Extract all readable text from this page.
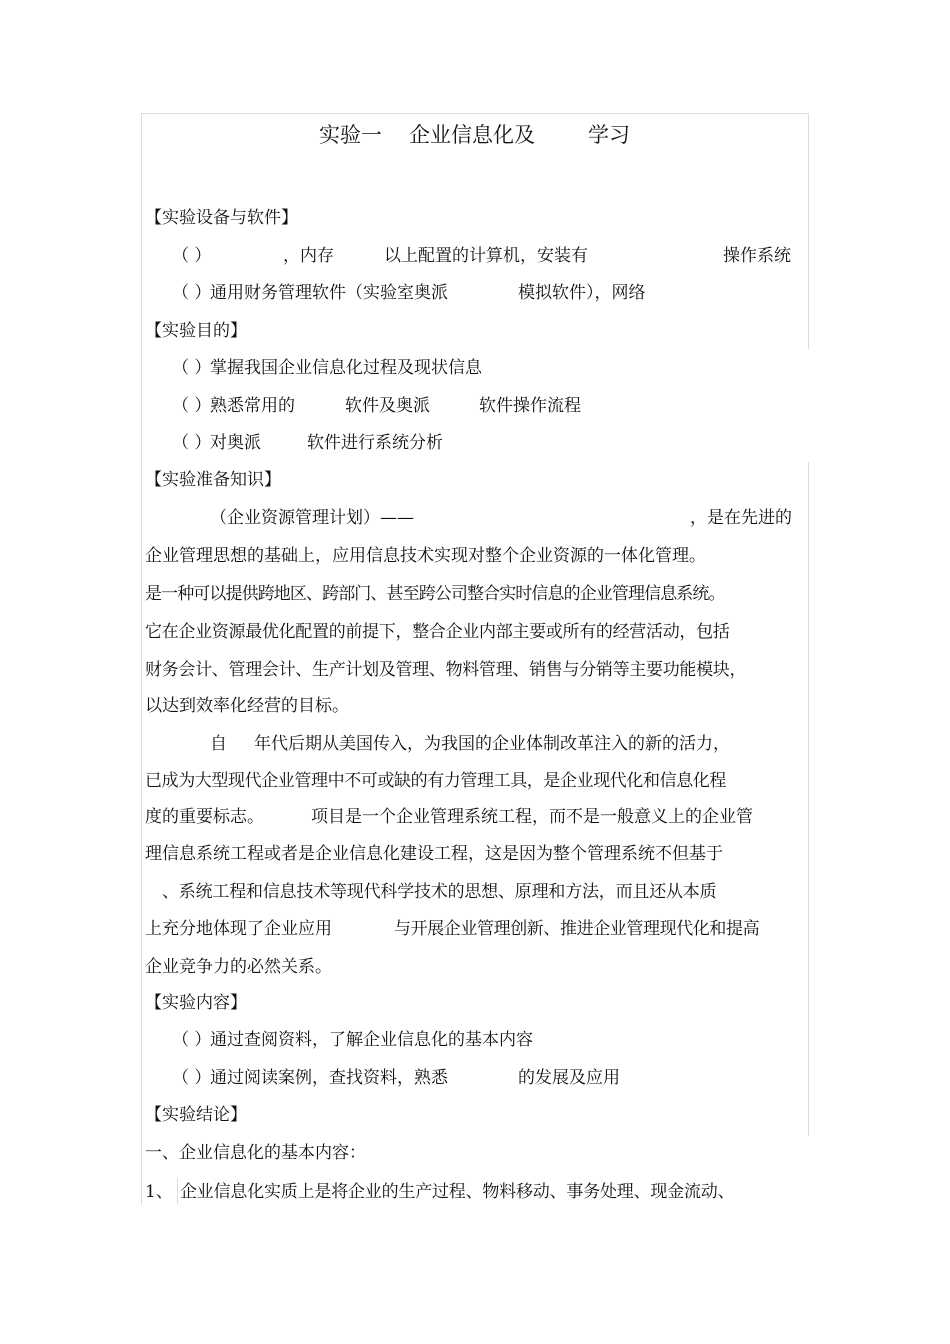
实验一 企业信息化及	学习
【实验设备与软件】
（ ）	，内存	以上配置的计算机，安装有	操作系统
（ ）
通用财务管理软件（实验室奥派	模拟软件），网络
【实验目的】
（ ）
掌握我国企业信息化过程及现状信息
（ ）
熟悉常用的	软件及奥派	软件操作流程
（ ）
对奥派	软件进行系统分析
【实验准备知识】
（企业资源管理计划）——	，是在先进的
企业管理思想的基础上，应用信息技术实现对整个企业资源的一体化管理。
是一种可以提供跨地区、跨部门、甚至跨公司整合实时信息的企业管理信息系统。
它在企业资源最优化配置的前提下，整合企业内部主要或所有的经营活动，包括
财务会计、管理会计、生产计划及管理、物料管理、销售与分销等主要功能模块，
以达到效率化经营的目标。
自 年代后期从美国传入，为我国的企业体制改革注入的新的活力，
已成为大型现代企业管理中不可或缺的有力管理工具，是企业现代化和信息化程
度的重要标志。	项目是一个企业管理系统工程，而不是一般意义上的企业管
理信息系统工程或者是企业信息化建设工程，这是因为整个管理系统不但基于
、系统工程和信息技术等现代科学技术的思想、原理和方法，而且还从本质
上充分地体现了企业应用	与开展企业管理创新、推进企业管理现代化和提高
企业竞争力的必然关系。
【实验内容】
（ ）
通过查阅资料，了解企业信息化的基本内容
（ ）
通过阅读案例，查找资料，熟悉	的发展及应用
【实验结论】
一、企业信息化的基本内容：
1、 企业信息化实质上是将企业的生产过程、物料移动、事务处理、现金流动、
